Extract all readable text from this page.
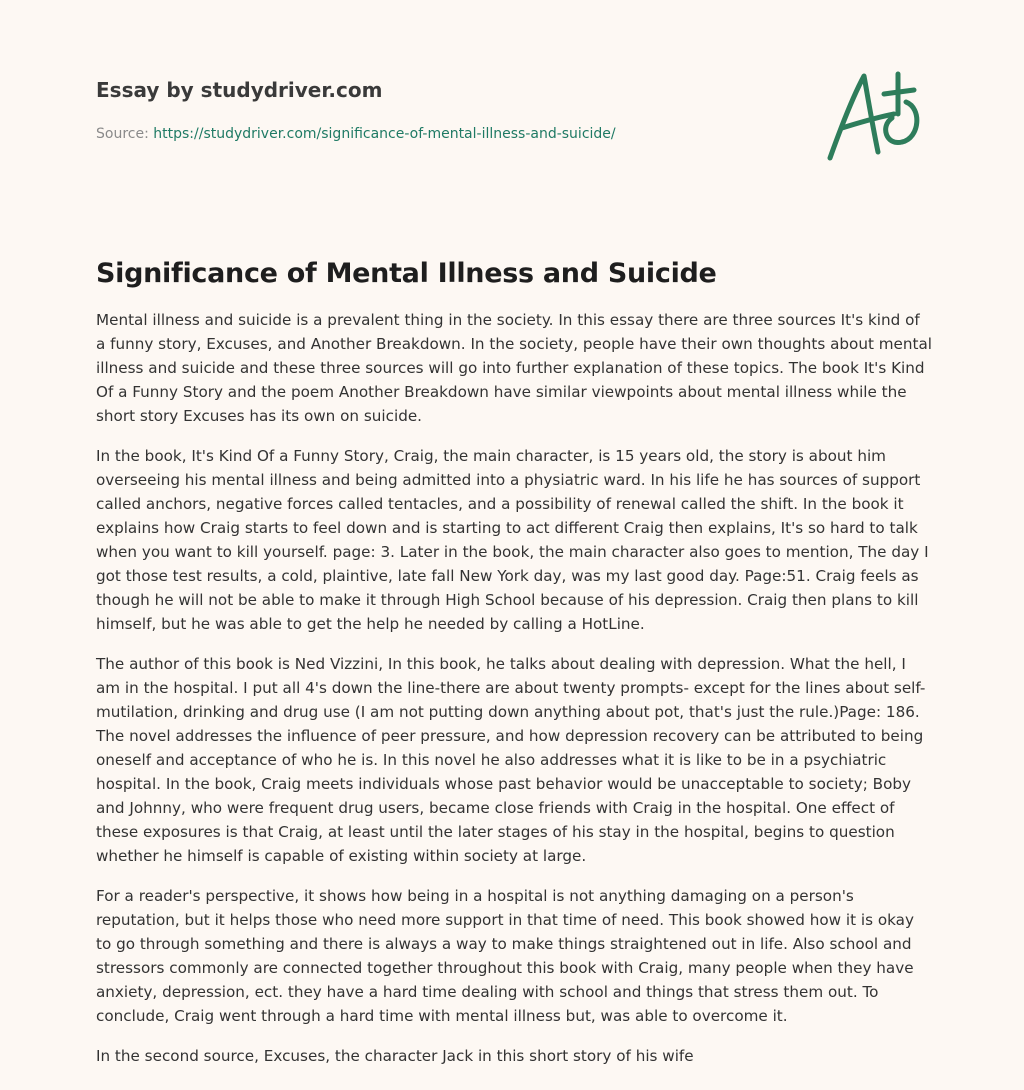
Essay by studydriver.com
Source: https://studydriver.com/significance-of-mental-illness-and-suicide/
Significance of Mental Illness and Suicide

Mental illness and suicide is a prevalent thing in the society. In this essay there are three sources It's kind of a funny story, Excuses, and Another Breakdown. In the society, people have their own thoughts about mental illness and suicide and these three sources will go into further explanation of these topics. The book It's Kind Of a Funny Story and the poem Another Breakdown have similar viewpoints about mental illness while the short story Excuses has its own on suicide.

In the book, It's Kind Of a Funny Story, Craig, the main character, is 15 years old, the story is about him overseeing his mental illness and being admitted into a physiatric ward. In his life he has sources of support called anchors, negative forces called tentacles, and a possibility of renewal called the shift. In the book it explains how Craig starts to feel down and is starting to act different Craig then explains, It's so hard to talk when you want to kill yourself. page: 3. Later in the book, the main character also goes to mention, The day I got those test results, a cold, plaintive, late fall New York day, was my last good day. Page:51. Craig feels as though he will not be able to make it through High School because of his depression. Craig then plans to kill himself, but he was able to get the help he needed by calling a HotLine.

The author of this book is Ned Vizzini, In this book, he talks about dealing with depression. What the hell, I am in the hospital. I put all 4's down the line-there are about twenty prompts- except for the lines about self-mutilation, drinking and drug use (I am not putting down anything about pot, that's just the rule.)Page: 186. The novel addresses the influence of peer pressure, and how depression recovery can be attributed to being oneself and acceptance of who he is. In this novel he also addresses what it is like to be in a psychiatric hospital. In the book, Craig meets individuals whose past behavior would be unacceptable to society; Boby and Johnny, who were frequent drug users, became close friends with Craig in the hospital. One effect of these exposures is that Craig, at least until the later stages of his stay in the hospital, begins to question whether he himself is capable of existing within society at large.

For a reader's perspective, it shows how being in a hospital is not anything damaging on a person's reputation, but it helps those who need more support in that time of need. This book showed how it is okay to go through something and there is always a way to make things straightened out in life. Also school and stressors commonly are connected together throughout this book with Craig, many people when they have anxiety, depression, ect. they have a hard time dealing with school and things that stress them out. To conclude, Craig went through a hard time with mental illness but, was able to overcome it.

In the second source, Excuses, the character Jack in this short story of his wife
